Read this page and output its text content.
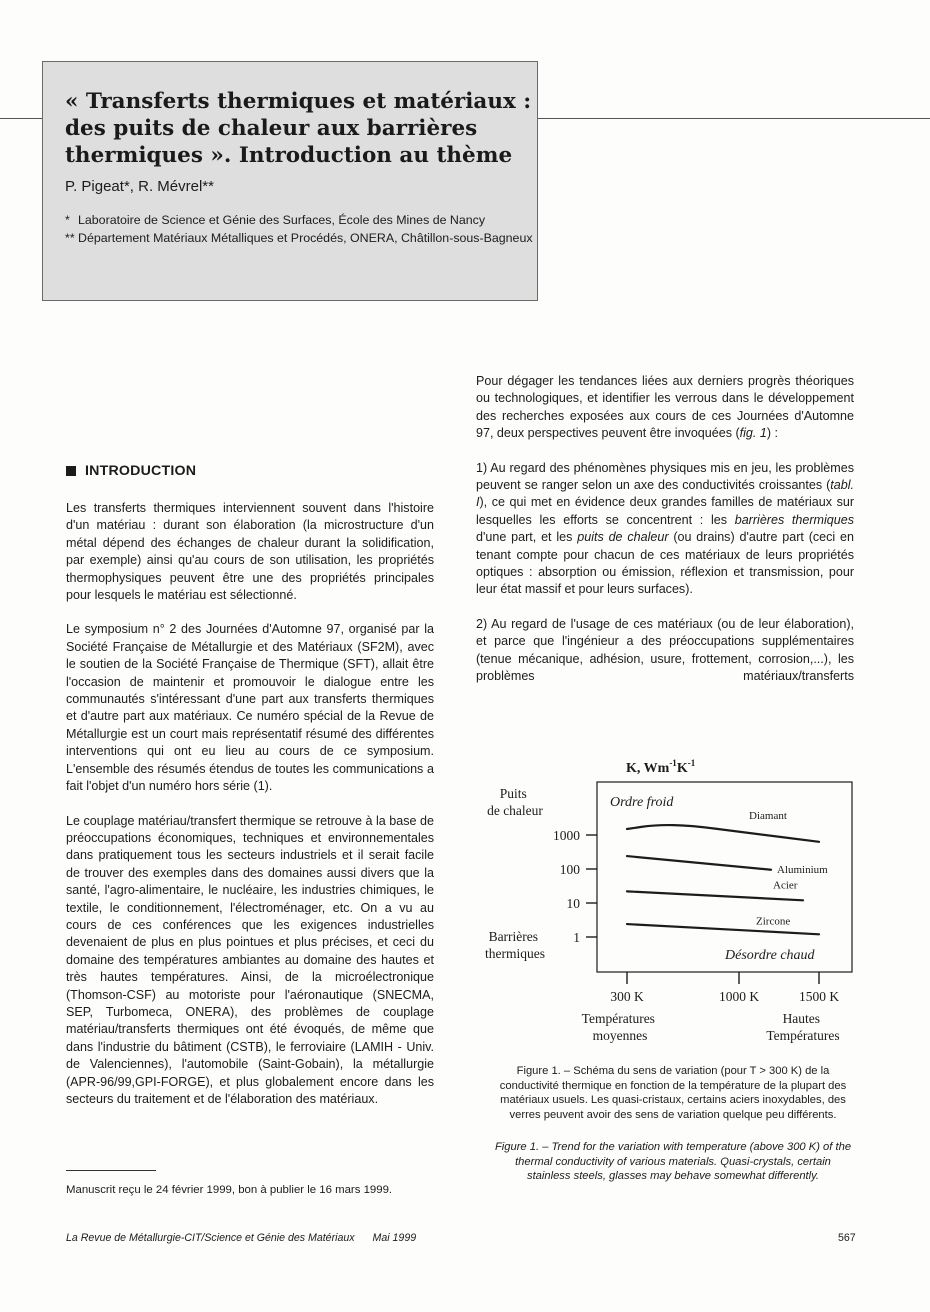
« Transferts thermiques et matériaux : des puits de chaleur aux barrières thermiques ». Introduction au thème

P. Pigeat*, R. Mévrel**

* Laboratoire de Science et Génie des Surfaces, École des Mines de Nancy
** Département Matériaux Métalliques et Procédés, ONERA, Châtillon-sous-Bagneux
INTRODUCTION

Les transferts thermiques interviennent souvent dans l'histoire d'un matériau : durant son élaboration (la microstructure d'un métal dépend des échanges de chaleur durant la solidification, par exemple) ainsi qu'au cours de son utilisation, les propriétés thermophysiques peuvent être une des propriétés principales pour lesquels le matériau est sélectionné.

Le symposium n° 2 des Journées d'Automne 97, organisé par la Société Française de Métallurgie et des Matériaux (SF2M), avec le soutien de la Société Française de Thermique (SFT), allait être l'occasion de maintenir et promouvoir le dialogue entre les communautés s'intéressant d'une part aux transferts thermiques et d'autre part aux matériaux. Ce numéro spécial de la Revue de Métallurgie est un court mais représentatif résumé des différentes interventions qui ont eu lieu au cours de ce symposium. L'ensemble des résumés étendus de toutes les communications a fait l'objet d'un numéro hors série (1).

Le couplage matériau/transfert thermique se retrouve à la base de préoccupations économiques, techniques et environnementales dans pratiquement tous les secteurs industriels et il serait facile de trouver des exemples dans des domaines aussi divers que la santé, l'agro-alimentaire, le nucléaire, les industries chimiques, le textile, le conditionnement, l'électroménager, etc. On a vu au cours de ces conférences que les exigences industrielles devenaient de plus en plus pointues et plus précises, et ceci du domaine des températures ambiantes au domaine des hautes et très hautes températures. Ainsi, de la microélectronique (Thomson-CSF) au motoriste pour l'aéronautique (SNECMA, SEP, Turbomeca, ONERA), des problèmes de couplage matériau/transferts thermiques ont été évoqués, de même que dans l'industrie du bâtiment (CSTB), le ferroviaire (LAMIH - Univ. de Valenciennes), l'automobile (Saint-Gobain), la métallurgie (APR-96/99,GPI-FORGE), et plus globalement encore dans les secteurs du traitement et de l'élaboration des matériaux.

Pour dégager les tendances liées aux derniers progrès théoriques ou technologiques, et identifier les verrous dans le développement des recherches exposées aux cours de ces Journées d'Automne 97, deux perspectives peuvent être invoquées (fig. 1) :

1) Au regard des phénomènes physiques mis en jeu, les problèmes peuvent se ranger selon un axe des conductivités croissantes (tabl. I), ce qui met en évidence deux grandes familles de matériaux sur lesquelles les efforts se concentrent : les barrières thermiques d'une part, et les puits de chaleur (ou drains) d'autre part (ceci en tenant compte pour chacun de ces matériaux de leurs propriétés optiques : absorption ou émission, réflexion et transmission, pour leur état massif et pour leurs surfaces).

2) Au regard de l'usage de ces matériaux (ou de leur élaboration), et parce que l'ingénieur a des préoccupations supplémentaires (tenue mécanique, adhésion, usure, frottement, corrosion,...), les problèmes matériaux/transferts

K, $Wm^{-1}K^{-1}$
1
10
100
1000
300 K	1000 K	1500 K
Diamant
Aluminium
Acier
Zircone
Ordre froid
Désordre chaud
Puits de chaleur
Barrières thermiques
Températures moyennes
Hautes Températures

Figure 1. – Schéma du sens de variation (pour T > 300 K) de la conductivité thermique en fonction de la température de la plupart des matériaux usuels. Les quasi-cristaux, certains aciers inoxydables, des verres peuvent avoir des sens de variation quelque peu différents.

Figure 1. – Trend for the variation with temperature (above 300 K) of the thermal conductivity of various materials. Quasi-crystals, certain stainless steels, glasses may behave somewhat differently.

Manuscrit reçu le 24 février 1999, bon à publier le 16 mars 1999.

La Revue de Métallurgie-CIT/Science et Génie des Matériaux Mai 1999	567
